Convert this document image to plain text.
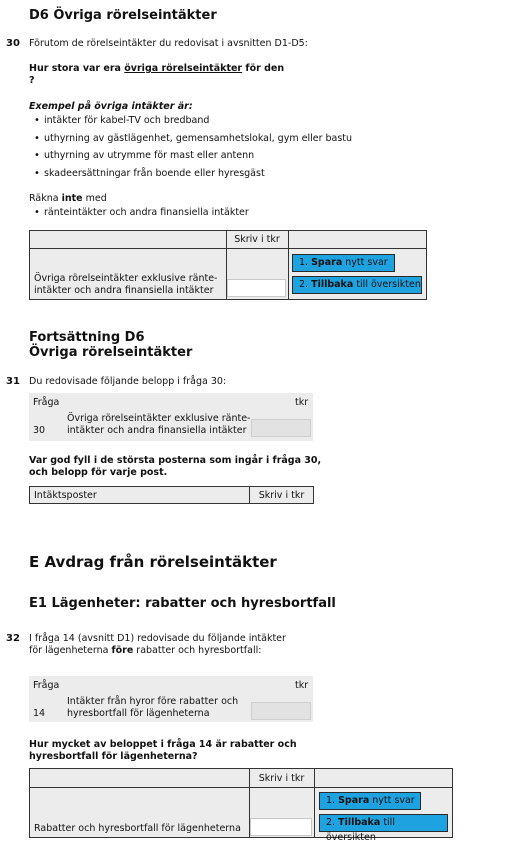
D6 Övriga rörelseintäkter
30 Förutom de rörelseintäkter du redovisat i avsnitten D1-D5:
Hur stora var era övriga rörelseintäkter för den
?
Exempel på övriga intäkter är:
• intäkter för kabel-TV och bredband
• uthyrning av gästlägenhet, gemensamhetslokal, gym eller bastu
• uthyrning av utrymme för mast eller antenn
• skadeersättningar från boende eller hyresgäst
Räkna inte med
• ränteintäkter och andra finansiella intäkter
Skriv i tkr
Övriga rörelseintäkter exklusive ränte-
intäkter och andra finansiella intäkter
1. Spara nytt svar
2. Tillbaka till översikten
Fortsättning D6
Övriga rörelseintäkter
31 Du redovisade följande belopp i fråga 30:
Fråga	tkr
30
Övriga rörelseintäkter exklusive ränte-
intäkter och andra finansiella intäkter
Var god fyll i de största posterna som ingår i fråga 30,
och belopp för varje post.
Intäktsposter	Skriv i tkr
E Avdrag från rörelseintäkter
E1 Lägenheter: rabatter och hyresbortfall
32 I fråga 14 (avsnitt D1) redovisade du följande intäkter
för lägenheterna före rabatter och hyresbortfall:
Fråga	tkr
14
Intäkter från hyror före rabatter och
hyresbortfall för lägenheterna
Hur mycket av beloppet i fråga 14 är rabatter och
hyresbortfall för lägenheterna?
Skriv i tkr
Rabatter och hyresbortfall för lägenheterna
1. Spara nytt svar
2. Tillbaka till översikten
